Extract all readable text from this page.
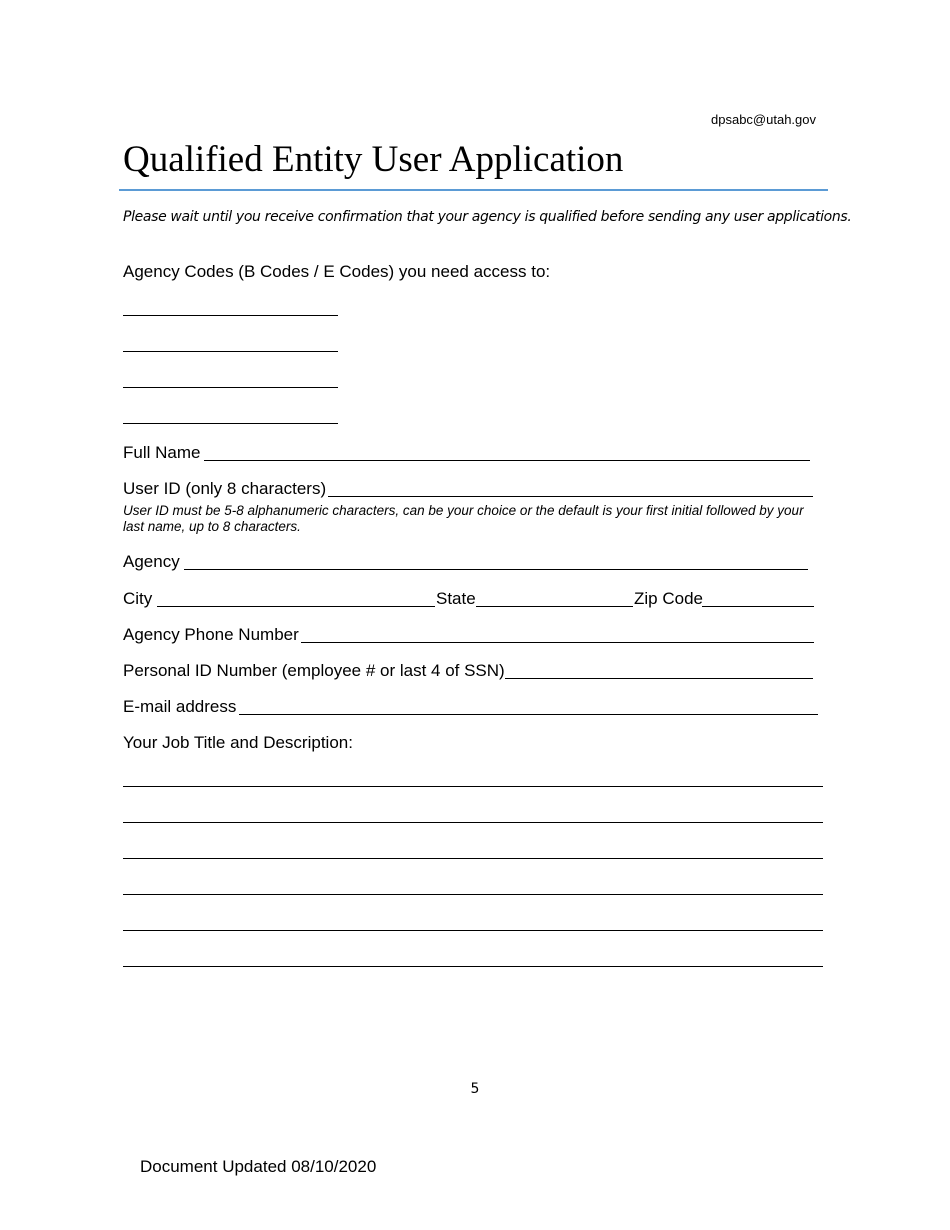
dpsabc@utah.gov
Qualified Entity User Application
Please wait until you receive confirmation that your agency is qualified before sending any user applications.
Agency Codes (B Codes / E Codes) you need access to:
Full Name
User ID (only 8 characters)
User ID must be 5-8 alphanumeric characters, can be your choice or the default is your first initial followed by your last name, up to 8 characters.
Agency
City	State	Zip Code
Agency Phone Number
Personal ID Number (employee # or last 4 of SSN)
E-mail address
Your Job Title and Description:
5
Document Updated 08/10/2020
